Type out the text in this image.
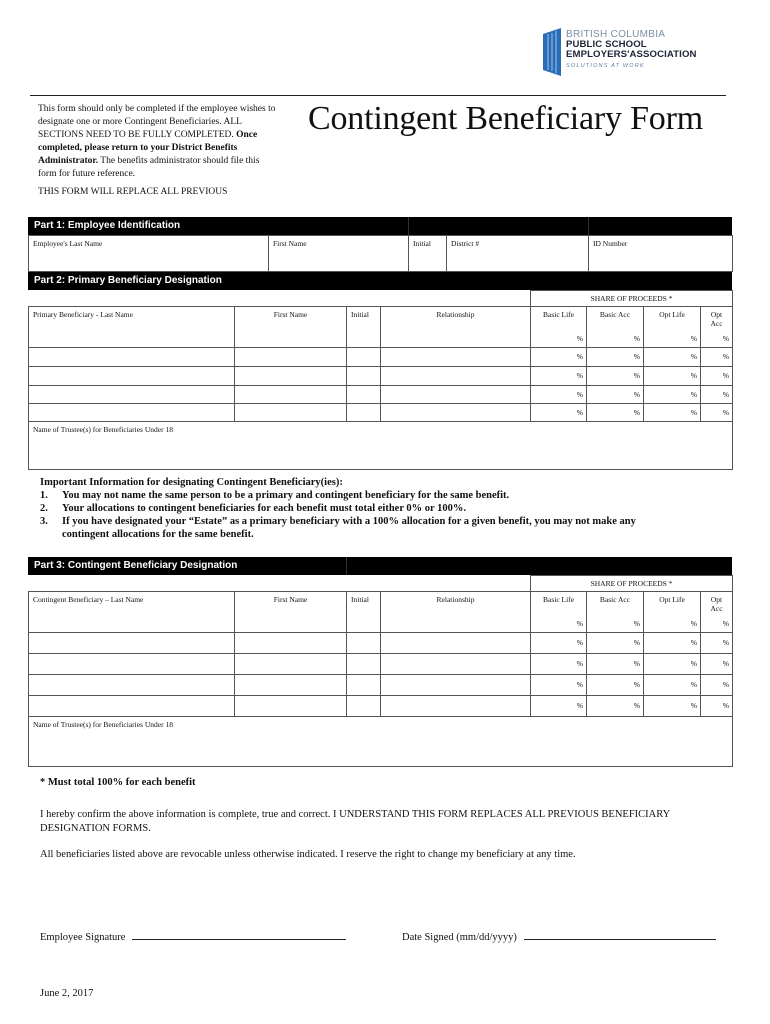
BRITISH COLUMBIA
PUBLIC SCHOOL
EMPLOYERS'ASSOCIATION
SOLUTIONS AT WORK
This form should only be completed if the employee wishes to designate one or more Contingent Beneficiaries. ALL SECTIONS NEED TO BE FULLY COMPLETED. Once completed, please return to your District Benefits Administrator. The benefits administrator should file this form for future reference.
Contingent Beneficiary Form
THIS FORM WILL REPLACE ALL PREVIOUS
Part 1: Employee Identification
Employee's Last Name	First Name	Initial	District #	ID Number
Part 2: Primary Beneficiary Designation
				SHARE OF PROCEEDS *			
Primary Beneficiary - Last Name	First Name	Initial	Relationship	Basic Life	Basic Acc	Opt Life	Opt Acc
				%	%	%	%
				%	%	%	%
				%	%	%	%
				%	%	%	%
				%	%	%	%
Name of Trustee(s) for Beneficiaries Under 18							
Important Information for designating Contingent Beneficiary(ies):
1. You may not name the same person to be a primary and contingent beneficiary for the same benefit.
2. Your allocations to contingent beneficiaries for each benefit must total either 0% or 100%.
3. If you have designated your “Estate” as a primary beneficiary with a 100% allocation for a given benefit, you may not make any
contingent allocations for the same benefit.
Part 3: Contingent Beneficiary Designation
				SHARE OF PROCEEDS *			
Contingent Beneficiary – Last Name	First Name	Initial	Relationship	Basic Life	Basic Acc	Opt Life	Opt Acc
				%	%	%	%
				%	%	%	%
				%	%	%	%
				%	%	%	%
				%	%	%	%
Name of Trustee(s) for Beneficiaries Under 18							
* Must total 100% for each benefit
I hereby confirm the above information is complete, true and correct. I UNDERSTAND THIS FORM REPLACES ALL PREVIOUS BENEFICIARY DESIGNATION FORMS.
All beneficiaries listed above are revocable unless otherwise indicated. I reserve the right to change my beneficiary at any time.
Employee Signature	Date Signed (mm/dd/yyyy)
June 2, 2017
